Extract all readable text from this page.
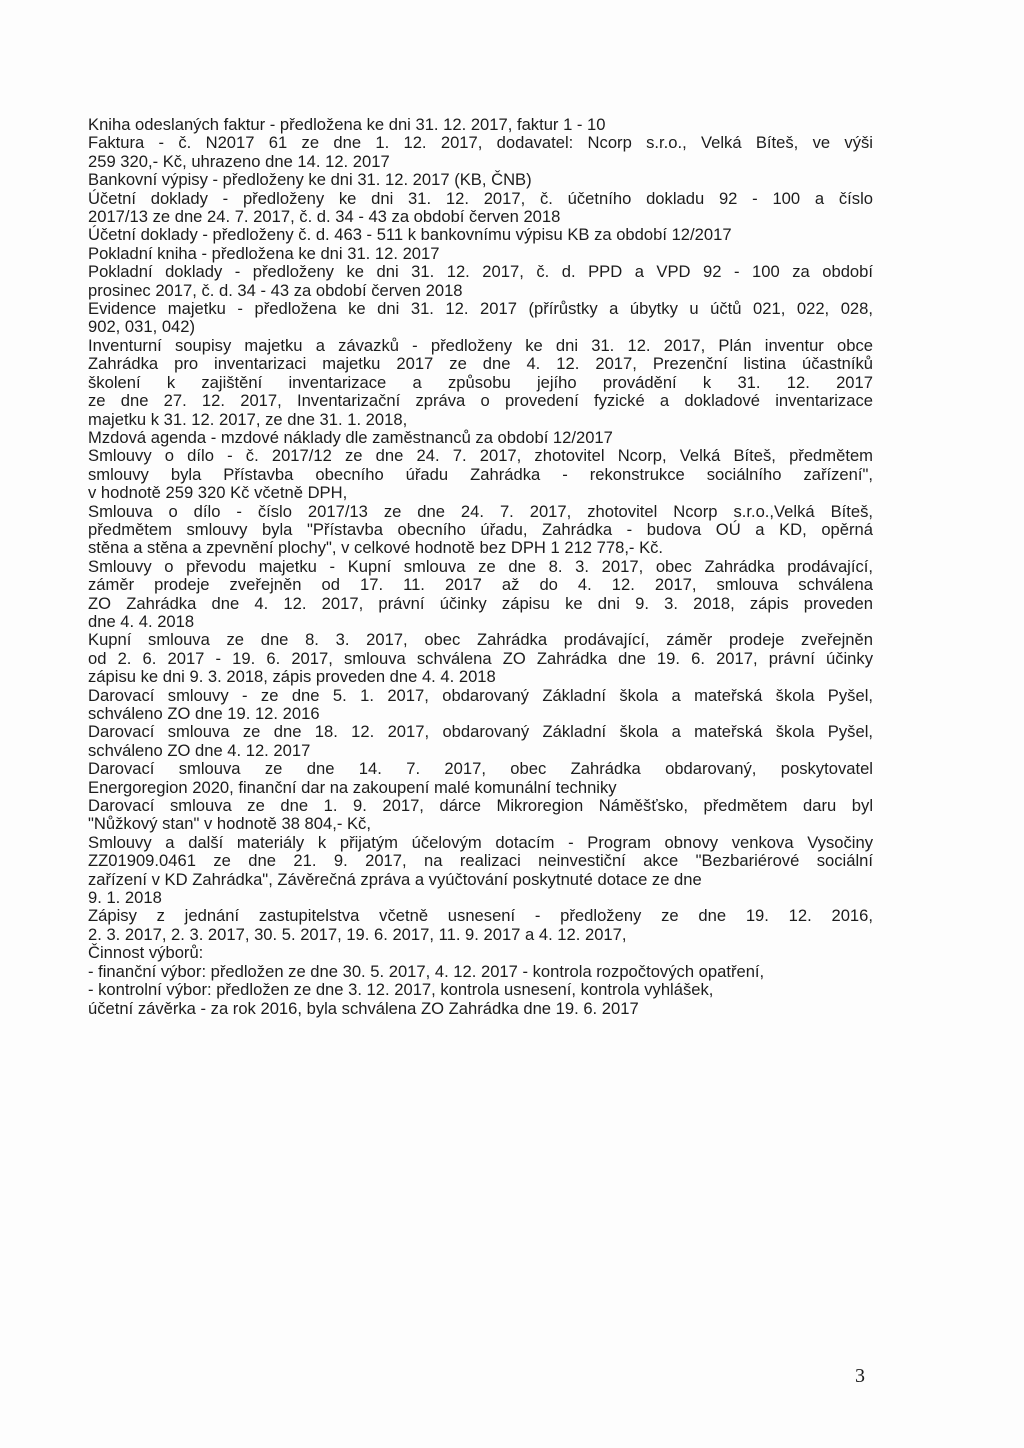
Kniha odeslaných faktur - předložena ke dni 31. 12. 2017, faktur 1 - 10
Faktura - č. N2017 61 ze dne 1. 12. 2017, dodavatel: Ncorp s.r.o., Velká Bíteš, ve výši
259 320,- Kč, uhrazeno dne 14. 12. 2017
Bankovní výpisy - předloženy ke dni 31. 12. 2017 (KB, ČNB)
Účetní doklady - předloženy ke dni 31. 12. 2017, č. účetního dokladu 92 - 100 a číslo
2017/13 ze dne 24. 7. 2017, č. d. 34 - 43 za období červen 2018
Účetní doklady - předloženy č. d. 463 - 511 k bankovnímu výpisu KB za období 12/2017
Pokladní kniha - předložena ke dni 31. 12. 2017
Pokladní doklady - předloženy ke dni 31. 12. 2017, č. d. PPD a VPD 92 - 100 za období
prosinec 2017, č. d. 34 - 43 za období červen 2018
Evidence majetku - předložena ke dni 31. 12. 2017 (přírůstky a úbytky u účtů 021, 022, 028,
902, 031, 042)
Inventurní soupisy majetku a závazků - předloženy ke dni 31. 12. 2017, Plán inventur obce
Zahrádka pro inventarizaci majetku 2017 ze dne 4. 12. 2017, Prezenční listina účastníků
školení k zajištění inventarizace a způsobu jejího provádění k 31. 12. 2017
ze dne 27. 12. 2017, Inventarizační zpráva o provedení fyzické a dokladové inventarizace
majetku k 31. 12. 2017, ze dne 31. 1. 2018,
Mzdová agenda - mzdové náklady dle zaměstnanců za období 12/2017
Smlouvy o dílo - č. 2017/12 ze dne 24. 7. 2017, zhotovitel Ncorp, Velká Bíteš, předmětem
smlouvy byla Přístavba obecního úřadu Zahrádka - rekonstrukce sociálního zařízení",
v hodnotě 259 320 Kč včetně DPH,
Smlouva o dílo - číslo 2017/13 ze dne 24. 7. 2017, zhotovitel Ncorp s.r.o.,Velká Bíteš,
předmětem smlouvy byla "Přístavba obecního úřadu, Zahrádka - budova OÚ a KD, opěrná
stěna a stěna a zpevnění plochy", v celkové hodnotě bez DPH 1 212 778,- Kč.
Smlouvy o převodu majetku - Kupní smlouva ze dne 8. 3. 2017, obec Zahrádka prodávající,
záměr prodeje zveřejněn od 17. 11. 2017 až do 4. 12. 2017, smlouva schválena
ZO Zahrádka dne 4. 12. 2017, právní účinky zápisu ke dni 9. 3. 2018, zápis proveden
dne 4. 4. 2018
Kupní smlouva ze dne 8. 3. 2017, obec Zahrádka prodávající, záměr prodeje zveřejněn
od 2. 6. 2017 - 19. 6. 2017, smlouva schválena ZO Zahrádka dne 19. 6. 2017, právní účinky
zápisu ke dni 9. 3. 2018, zápis proveden dne 4. 4. 2018
Darovací smlouvy - ze dne 5. 1. 2017, obdarovaný Základní škola a mateřská škola Pyšel,
schváleno ZO dne 19. 12. 2016
Darovací smlouva ze dne 18. 12. 2017, obdarovaný Základní škola a mateřská škola Pyšel,
schváleno ZO dne 4. 12. 2017
Darovací smlouva ze dne 14. 7. 2017, obec Zahrádka obdarovaný, poskytovatel
Energoregion 2020, finanční dar na zakoupení malé komunální techniky
Darovací smlouva ze dne 1. 9. 2017, dárce Mikroregion Náměšťsko, předmětem daru byl
"Nůžkový stan" v hodnotě 38 804,- Kč,
Smlouvy a další materiály k přijatým účelovým dotacím - Program obnovy venkova Vysočiny
ZZ01909.0461 ze dne 21. 9. 2017, na realizaci neinvestiční akce "Bezbariérové sociální
zařízení v KD Zahrádka", Závěrečná zpráva a vyúčtování poskytnuté dotace ze dne
9. 1. 2018
Zápisy z jednání zastupitelstva včetně usnesení - předloženy ze dne 19. 12. 2016,
2. 3. 2017, 2. 3. 2017, 30. 5. 2017, 19. 6. 2017, 11. 9. 2017 a 4. 12. 2017,
Činnost výborů:
- finanční výbor: předložen ze dne 30. 5. 2017, 4. 12. 2017 - kontrola rozpočtových opatření,
- kontrolní výbor: předložen ze dne 3. 12. 2017, kontrola usnesení, kontrola vyhlášek,
účetní závěrka - za rok 2016, byla schválena ZO Zahrádka dne 19. 6. 2017
3
